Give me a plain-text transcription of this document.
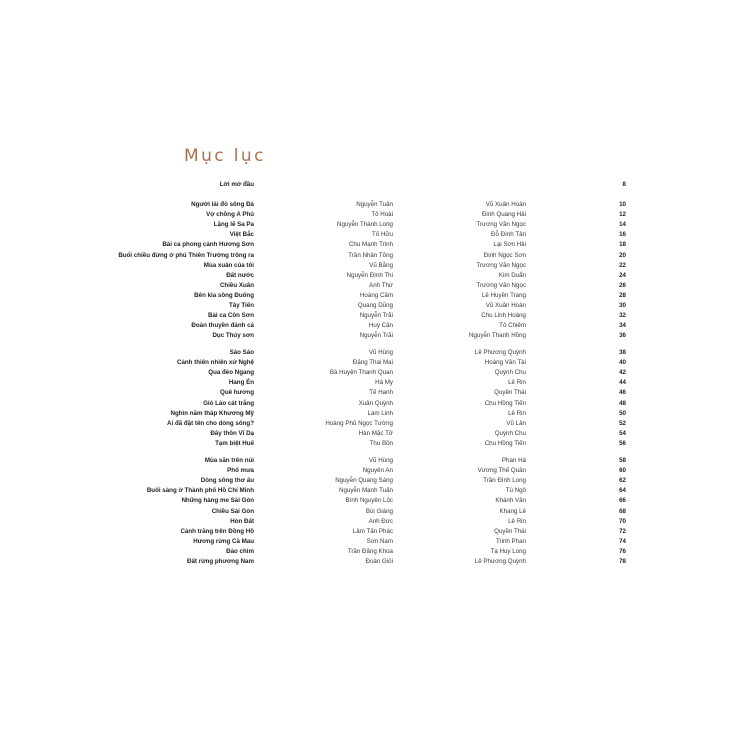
Mục lục
Lời mở đầu	8
Người lái đò sông Đà	Nguyễn Tuân	Vũ Xuân Hoàn	10
Vợ chồng A Phủ	Tô Hoài	Đinh Quang Hải	12
Lặng lẽ Sa Pa	Nguyễn Thành Long	Trương Văn Ngọc	14
Việt Bắc	Tố Hữu	Đỗ Đình Tân	16
Bài ca phong cảnh Hương Sơn	Chu Mạnh Trinh	Lại Sơn Hải	18
Buổi chiều đứng ở phủ Thiên Trường trông ra	Trần Nhân Tông	Đinh Ngọc Sơn	20
Mùa xuân của tôi	Vũ Bằng	Trương Văn Ngọc	22
Đất nước	Nguyễn Đình Thi	Kim Duẩn	24
Chiều Xuân	Anh Thơ	Trương Văn Ngọc	26
Bên kia sông Đuống	Hoàng Cầm	Lê Huyền Trang	28
Tây Tiến	Quang Dũng	Vũ Xuân Hoàn	30
Bài ca Côn Sơn	Nguyễn Trãi	Chu Linh Hoàng	32
Đoàn thuyền đánh cá	Huy Cận	Tô Chiêm	34
Dục Thúy sơn	Nguyễn Trãi	Nguyễn Thanh Hồng	36
Sáo Sáo	Vũ Hùng	Lê Phương Quỳnh	38
Cảnh thiên nhiên xứ Nghệ	Đặng Thai Mai	Hoàng Văn Tài	40
Qua đèo Ngang	Bà Huyện Thanh Quan	Quỳnh Chu	42
Hang Én	Hà My	Lê Rin	44
Quê hương	Tế Hanh	Quyền Thái	46
Gió Lào cát trắng	Xuân Quỳnh	Chu Hồng Tiến	48
Nghìn năm tháp Khương Mỹ	Lam Linh	Lê Rin	50
Ai đã đặt tên cho dòng sông?	Hoàng Phủ Ngọc Tường	Vũ Lân	52
Đây thôn Vĩ Dạ	Hàn Mặc Tử	Quỳnh Chu	54
Tạm biệt Huế	Thu Bồn	Chu Hồng Tiến	56
Mùa săn trên núi	Vũ Hùng	Phan Hà	58
Phố mưa	Nguyên An	Vương Thế Quân	60
Dòng sông thơ ấu	Nguyễn Quang Sáng	Trần Đình Long	62
Buổi sáng ở Thành phố Hồ Chí Minh	Nguyễn Mạnh Tuấn	Tú Ngô	64
Những hàng me Sài Gòn	Bình Nguyên Lộc	Khánh Vân	66
Chiều Sài Gòn	Bùi Giáng	Khang Lê	68
Hòn Đất	Anh Đức	Lê Rin	70
Cảnh trăng trên Đồng Hồ	Lâm Tấn Phác	Quyền Thái	72
Hương rừng Cà Mau	Sơn Nam	Trinh Phan	74
Đảo chìm	Trần Đăng Khoa	Tạ Huy Long	76
Đất rừng phương Nam	Đoàn Giỏi	Lê Phương Quỳnh	78
